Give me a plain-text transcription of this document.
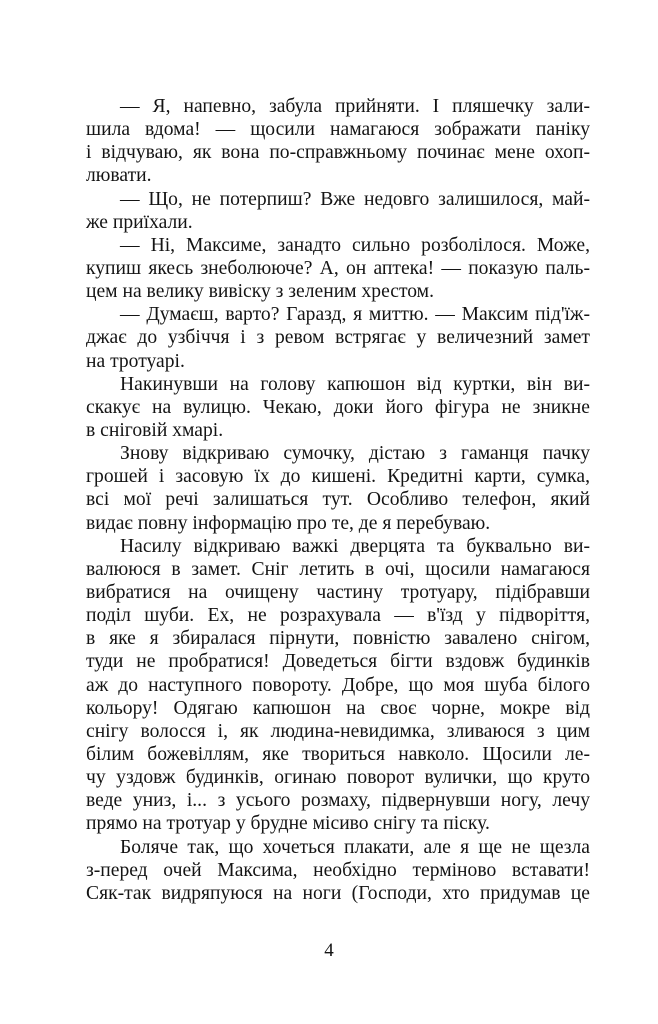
— Я, напевно, забула прийняти. І пляшечку зали-
шила вдома! — щосили намагаюся зображати паніку
і відчуваю, як вона по-справжньому починає мене охоп-
лювати.
— Що, не потерпиш? Вже недовго залишилося, май-
же приїхали.
— Ні, Максиме, занадто сильно розболілося. Може,
купиш якесь знеболююче? А, он аптека! — показую паль-
цем на велику вивіску з зеленим хрестом.
— Думаєш, варто? Гаразд, я миттю. — Максим під'їж-
джає до узбіччя і з ревом встрягає у величезний замет
на тротуарі.
Накинувши на голову капюшон від куртки, він ви-
скакує на вулицю. Чекаю, доки його фігура не зникне
в сніговій хмарі.
Знову відкриваю сумочку, дістаю з гаманця пачку
грошей і засовую їх до кишені. Кредитні карти, сумка,
всі мої речі залишаться тут. Особливо телефон, який
видає повну інформацію про те, де я перебуваю.
Насилу відкриваю важкі дверцята та буквально ви-
валююся в замет. Сніг летить в очі, щосили намагаюся
вибратися на очищену частину тротуару, підібравши
поділ шуби. Ех, не розрахувала — в'їзд у підворіття,
в яке я збиралася пірнути, повністю завалено снігом,
туди не пробратися! Доведеться бігти вздовж будинків
аж до наступного повороту. Добре, що моя шуба білого
кольору! Одягаю капюшон на своє чорне, мокре від
снігу волосся і, як людина-невидимка, зливаюся з цим
білим божевіллям, яке твориться навколо. Щосили ле-
чу уздовж будинків, огинаю поворот вулички, що круто
веде униз, і... з усього розмаху, підвернувши ногу, лечу
прямо на тротуар у брудне місиво снігу та піску.
Боляче так, що хочеться плакати, але я ще не щезла
з-перед очей Максима, необхідно терміново вставати!
Сяк-так видряпуюся на ноги (Господи, хто придумав це
4
